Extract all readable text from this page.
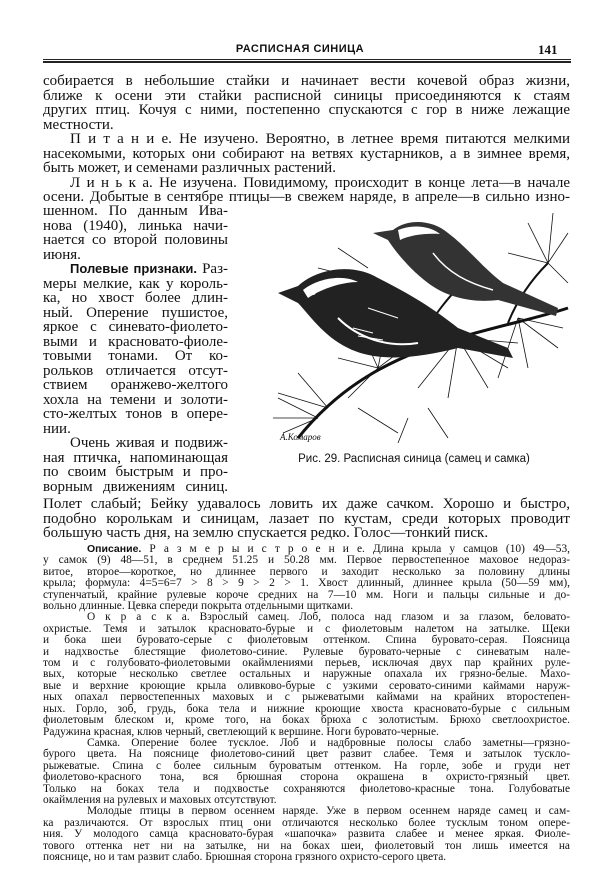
РАСПИСНАЯ СИНИЦА	141
собирается в небольшие стайки и начинает вести кочевой образ жизни,
ближе к осени эти стайки расписной синицы присоединяются к стаям
других птиц. Кочуя с ними, постепенно спускаются с гор в ниже лежащие
местности.
П и т а н и е. Не изучено. Вероятно, в летнее время питаются мелкими
насекомыми, которых они собирают на ветвях кустарников, а в зимнее время,
быть может, и семенами различных растений.
Л и н ь к а. Не изучена. Повидимому, происходит в конце лета—в начале
осени. Добытые в сентябре птицы—в свежем наряде, в апреле—в сильно изно-
шенном. По данным Ива-
нова (1940), линька начи-
нается со второй половины
июня.
Полевые признаки. Раз-
меры мелкие, как у король-
ка, но хвост более длин-
ный. Оперение пушистое,
яркое с синевато-фиолето-
выми и красновато-фиоле-
товыми тонами. От ко-
рольков отличается отсут-
ствием оранжево-желтого
хохла на темени и золоти-
сто-желтых тонов в опере-
нии.
Очень живая и подвиж-
ная птичка, напоминающая
по своим быстрым и про-
ворным движениям синиц.
А.Комаров
Рис. 29. Расписная синица (самец и самка)
Полет слабый; Бейку удавалось ловить их даже сачком. Хорошо и быстро,
подобно королькам и синицам, лазает по кустам, среди которых проводит
большую часть дня, на землю спускается редко. Голос—тонкий писк.
Описание. Р а з м е р ы и с т р о е н и е. Длина крыла у самцов (10) 49—53,
у самок (9) 48—51, в среднем 51.25 и 50.28 мм. Первое первостепенное маховое недораз-
витое, второе—короткое, но длиннее первого и заходит несколько за половину длины
крыла; формула: 4=5=6=7 > 8 > 9 > 2 > 1. Хвост длинный, длиннее крыла (50—59 мм),
ступенчатый, крайние рулевые короче средних на 7—10 мм. Ноги и пальцы сильные и до-
вольно длинные. Цевка спереди покрыта отдельными щитками.
О к р а с к а. Взрослый самец. Лоб, полоса над глазом и за глазом, беловато-
охристые. Темя и затылок красновато-бурые и с фиолетовым налетом на затылке. Щеки
и бока шеи буровато-серые с фиолетовым оттенком. Спина буровато-серая. Поясница
и надхвостье блестящие фиолетово-синие. Рулевые буровато-черные с синеватым нале-
том и с голубовато-фиолетовыми окаймлениями перьев, исключая двух пар крайних руле-
вых, которые несколько светлее остальных и наружные опахала их грязно-белые. Махо-
вые и верхние кроющие крыла оливково-бурые с узкими серовато-синими каймами наруж-
ных опахал первостепенных маховых и с рыжеватыми каймами на крайних второстепен-
ных. Горло, зоб, грудь, бока тела и нижние кроющие хвоста красновато-бурые с сильным
фиолетовым блеском и, кроме того, на боках брюха с золотистым. Брюхо светлоохристое.
Радужина красная, клюв черный, светлеющий к вершине. Ноги буровато-черные.
Самка. Оперение более тусклое. Лоб и надбровные полосы слабо заметны—грязно-
бурого цвета. На пояснице фиолетово-синий цвет развит слабее. Темя и затылок тускло-
рыжеватые. Спина с более сильным буроватым оттенком. На горле, зобе и груди нет
фиолетово-красного тона, вся брюшная сторона окрашена в охристо-грязный цвет.
Только на боках тела и подхвостье сохраняются фиолетово-красные тона. Голубоватые
окаймления на рулевых и маховых отсутствуют.
Молодые птицы в первом осеннем наряде. Уже в первом осеннем наряде самец и сам-
ка различаются. От взрослых птиц они отличаются несколько более тусклым тоном опере-
ния. У молодого самца красновато-бурая «шапочка» развита слабее и менее яркая. Фиоле-
тового оттенка нет ни на затылке, ни на боках шеи, фиолетовый тон лишь имеется на
пояснице, но и там развит слабо. Брюшная сторона грязного охристо-серого цвета.
